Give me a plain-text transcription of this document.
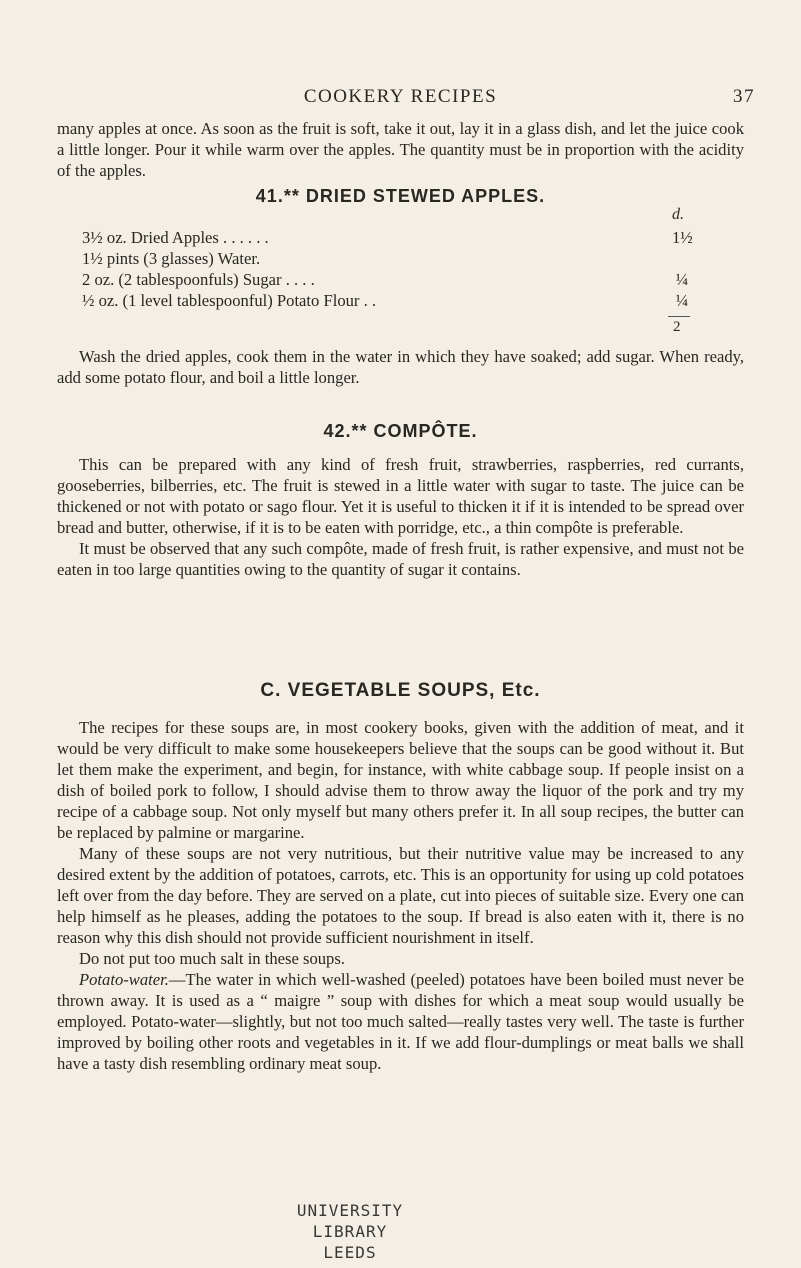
COOKERY RECIPES	37

many apples at once. As soon as the fruit is soft, take it out, lay it in a glass dish, and let the juice cook a little longer. Pour it while warm over the apples. The quantity must be in proportion with the acidity of the apples.

41.** DRIED STEWED APPLES.
d.
3½ oz. Dried Apples . . . . . .	1½
1½ pints (3 glasses) Water.
2 oz. (2 tablespoonfuls) Sugar . . . .	¼
½ oz. (1 level tablespoonful) Potato Flour . .	¼
2

Wash the dried apples, cook them in the water in which they have soaked; add sugar. When ready, add some potato flour, and boil a little longer.

42.** COMPÔTE.

This can be prepared with any kind of fresh fruit, strawberries, raspberries, red currants, gooseberries, bilberries, etc. The fruit is stewed in a little water with sugar to taste. The juice can be thickened or not with potato or sago flour. Yet it is useful to thicken it if it is intended to be spread over bread and butter, otherwise, if it is to be eaten with porridge, etc., a thin compôte is preferable.

It must be observed that any such compôte, made of fresh fruit, is rather expensive, and must not be eaten in too large quantities owing to the quantity of sugar it contains.

C. VEGETABLE SOUPS, Etc.

The recipes for these soups are, in most cookery books, given with the addition of meat, and it would be very difficult to make some housekeepers believe that the soups can be good without it. But let them make the experiment, and begin, for instance, with white cabbage soup. If people insist on a dish of boiled pork to follow, I should advise them to throw away the liquor of the pork and try my recipe of a cabbage soup. Not only myself but many others prefer it. In all soup recipes, the butter can be replaced by palmine or margarine.

Many of these soups are not very nutritious, but their nutritive value may be increased to any desired extent by the addition of potatoes, carrots, etc. This is an opportunity for using up cold potatoes left over from the day before. They are served on a plate, cut into pieces of suitable size. Every one can help himself as he pleases, adding the potatoes to the soup. If bread is also eaten with it, there is no reason why this dish should not provide sufficient nourishment in itself.

Do not put too much salt in these soups.

Potato-water.—The water in which well-washed (peeled) potatoes have been boiled must never be thrown away. It is used as a “ maigre ” soup with dishes for which a meat soup would usually be employed. Potato-water—slightly, but not too much salted—really tastes very well. The taste is further improved by boiling other roots and vegetables in it. If we add flour-dumplings or meat balls we shall have a tasty dish resembling ordinary meat soup.

UNIVERSITY
LIBRARY
LEEDS
